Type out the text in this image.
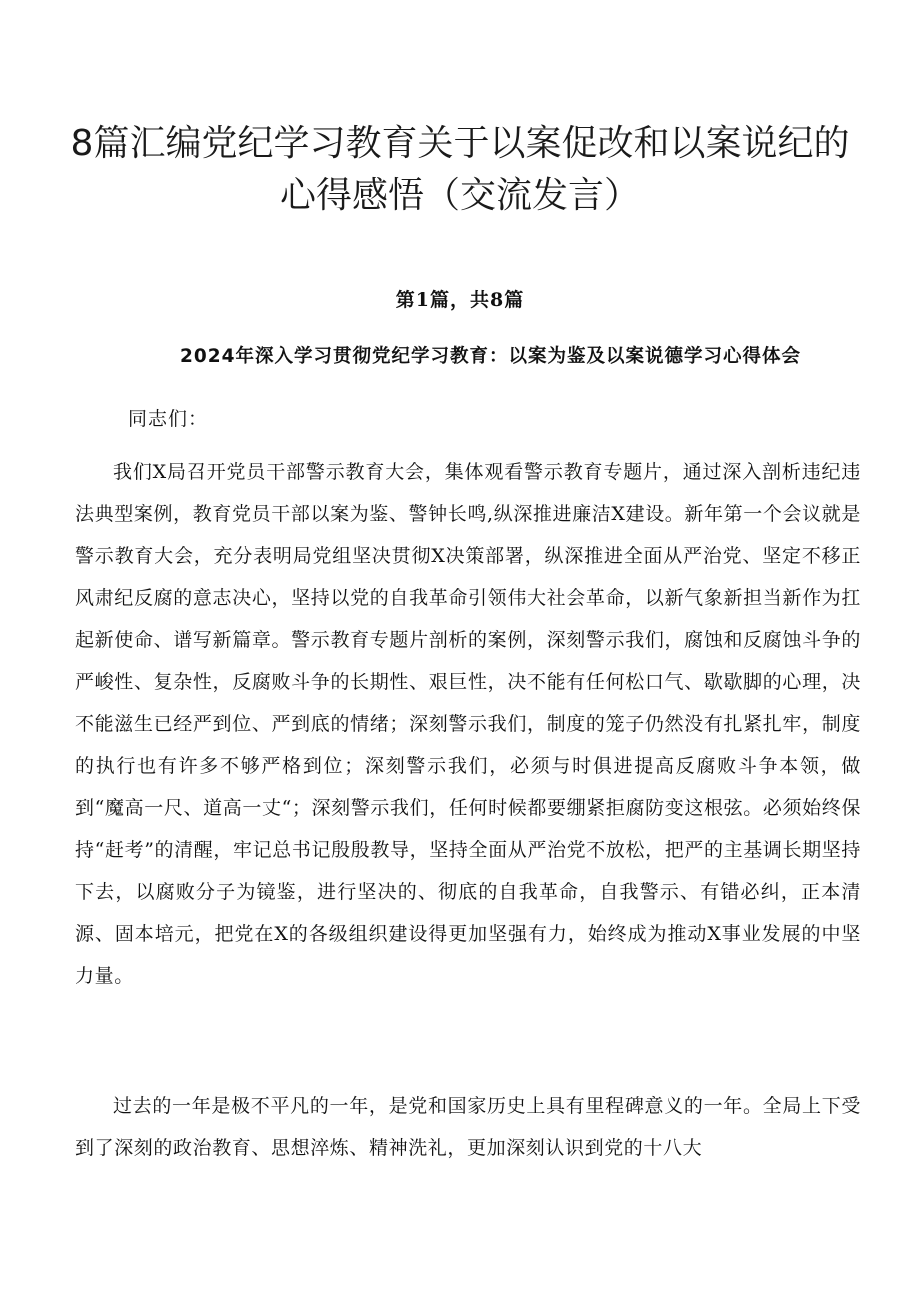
8篇汇编党纪学习教育关于以案促改和以案说纪的
心得感悟（交流发言）
第1篇，共8篇
2024年深入学习贯彻党纪学习教育：以案为鉴及以案说德学习心得体会
同志们：

我们X局召开党员干部警示教育大会，集体观看警示教育专题片，通过深入剖析违纪违法典型案例，教育党员干部以案为鉴、警钟长鸣,纵深推进廉洁X建设。新年第一个会议就是警示教育大会，充分表明局党组坚决贯彻X决策部署，纵深推进全面从严治党、坚定不移正风肃纪反腐的意志决心，坚持以党的自我革命引领伟大社会革命，以新气象新担当新作为扛起新使命、谱写新篇章。警示教育专题片剖析的案例，深刻警示我们，腐蚀和反腐蚀斗争的严峻性、复杂性，反腐败斗争的长期性、艰巨性，决不能有任何松口气、歇歇脚的心理，决不能滋生已经严到位、严到底的情绪；深刻警示我们，制度的笼子仍然没有扎紧扎牢，制度的执行也有许多不够严格到位；深刻警示我们，必须与时俱进提高反腐败斗争本领，做到“魔高一尺、道高一丈“；深刻警示我们，任何时候都要绷紧拒腐防变这根弦。必须始终保持“赶考”的清醒，牢记总书记殷殷教导，坚持全面从严治党不放松，把严的主基调长期坚持下去，以腐败分子为镜鉴，进行坚决的、彻底的自我革命，自我警示、有错必纠，正本清源、固本培元，把党在X的各级组织建设得更加坚强有力，始终成为推动X事业发展的中坚力量。

过去的一年是极不平凡的一年，是党和国家历史上具有里程碑意义的一年。全局上下受到了深刻的政治教育、思想淬炼、精神洗礼，更加深刻认识到党的十八大
